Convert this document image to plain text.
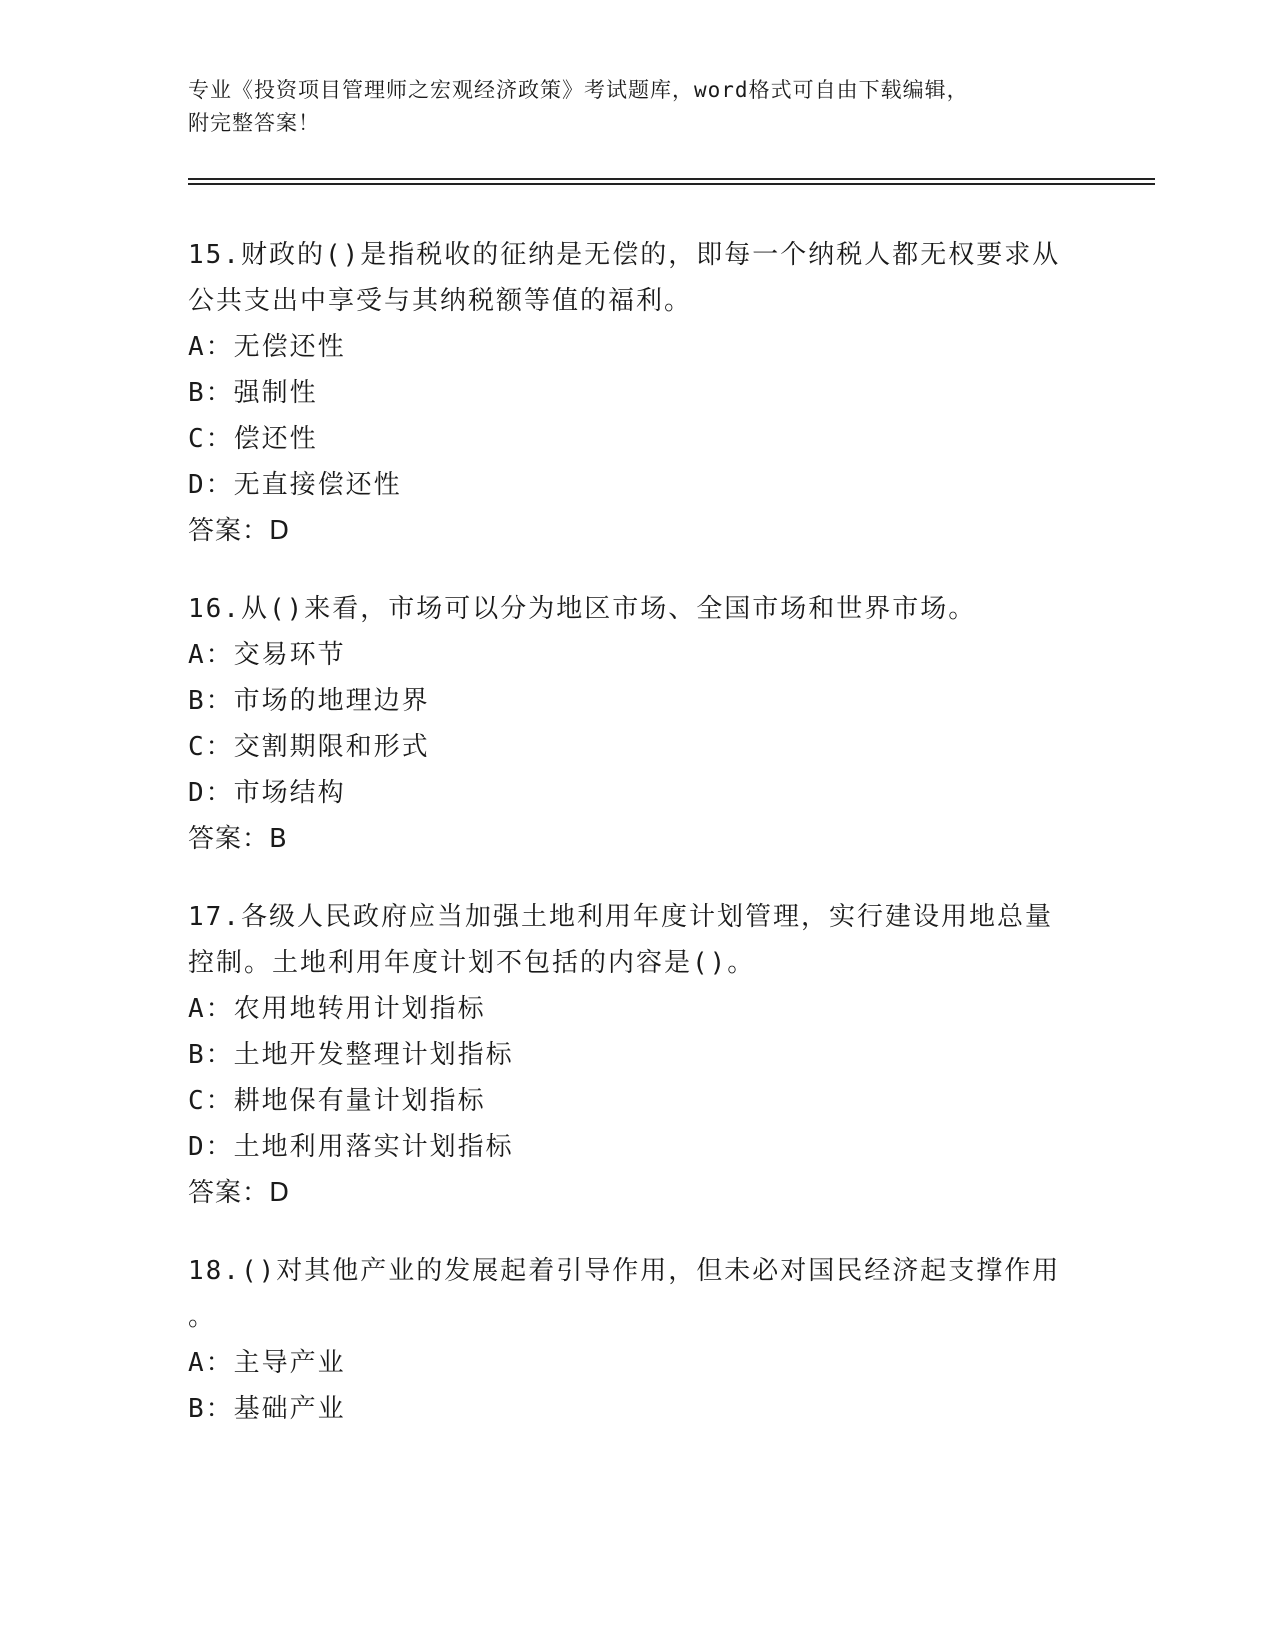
专业《投资项目管理师之宏观经济政策》考试题库，word格式可自由下载编辑，
附完整答案！

15.财政的()是指税收的征纳是无偿的，即每一个纳税人都无权要求从

公共支出中享受与其纳税额等值的福利。

A：无偿还性

B：强制性

C：偿还性

D：无直接偿还性

答案：D

16.从()来看，市场可以分为地区市场、全国市场和世界市场。

A：交易环节

B：市场的地理边界

C：交割期限和形式

D：市场结构

答案：B

17.各级人民政府应当加强土地利用年度计划管理，实行建设用地总量

控制。土地利用年度计划不包括的内容是()。

A：农用地转用计划指标

B：土地开发整理计划指标

C：耕地保有量计划指标

D：土地利用落实计划指标

答案：D

18.()对其他产业的发展起着引导作用，但未必对国民经济起支撑作用

。

A：主导产业

B：基础产业
